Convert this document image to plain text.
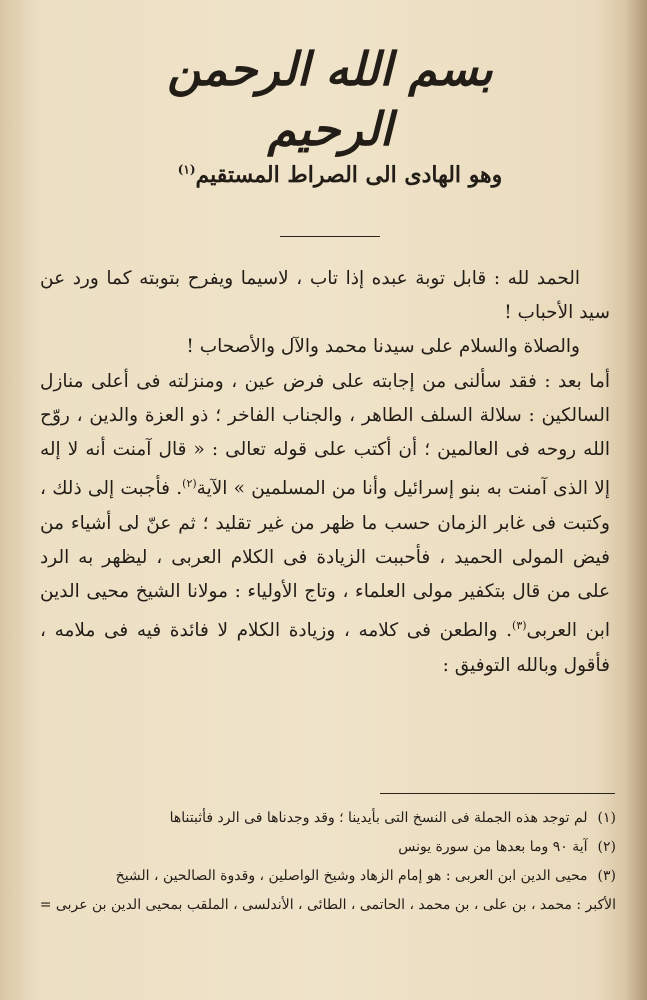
بسم الله الرحمن الرحيم
وهو الهادى الى الصراط المستقيم$^{(١)}$

الحمد لله : قابل توبة عبده إذا تاب ، لاسيما ويفرح بتوبته كما ورد عن سيد الأحباب !

والصلاة والسلام على سيدنا محمد والآل والأصحاب !

أما بعد : فقد سألنى من إجابته على فرض عين ، ومنزلته فى أعلى منازل السالكين : سلالة السلف الطاهر ، والجناب الفاخر ؛ ذو العزة والدين ، روّح الله روحه فى العالمين ؛ أن أكتب على قوله تعالى : « قال آمنت أنه لا إله إلا الذى آمنت به بنو إسرائيل وأنا من المسلمين » الآية$^{(٢)}$. فأجبت إلى ذلك ، وكتبت فى غابر الزمان حسب ما ظهر من غير تقليد ؛ ثم عنّ لى أشياء من فيض المولى الحميد ، فأحببت الزيادة فى الكلام العربى ، ليظهر به الرد على من قال بتكفير مولى العلماء ، وتاج الأولياء : مولانا الشيخ محيى الدين ابن العربى$^{(٣)}$. والطعن فى كلامه ، وزيادة الكلام لا فائدة فيه فى ملامه ، فأقول وبالله التوفيق :

(١)لم توجد هذه الجملة فى النسخ التى بأيدينا ؛ وقد وجدناها فى الرد فأثبتناها

(٢)آية ٩٠ وما بعدها من سورة يونس

(٣)محيى الدين ابن العربى : هو إمام الزهاد وشيخ الواصلين ، وقدوة الصالحين ، الشيخ

الأكبر : محمد ، بن على ، بن محمد ، الحاتمى ، الطائى ، الأندلسى ، الملقب بمحيى الدين بن عربى =
